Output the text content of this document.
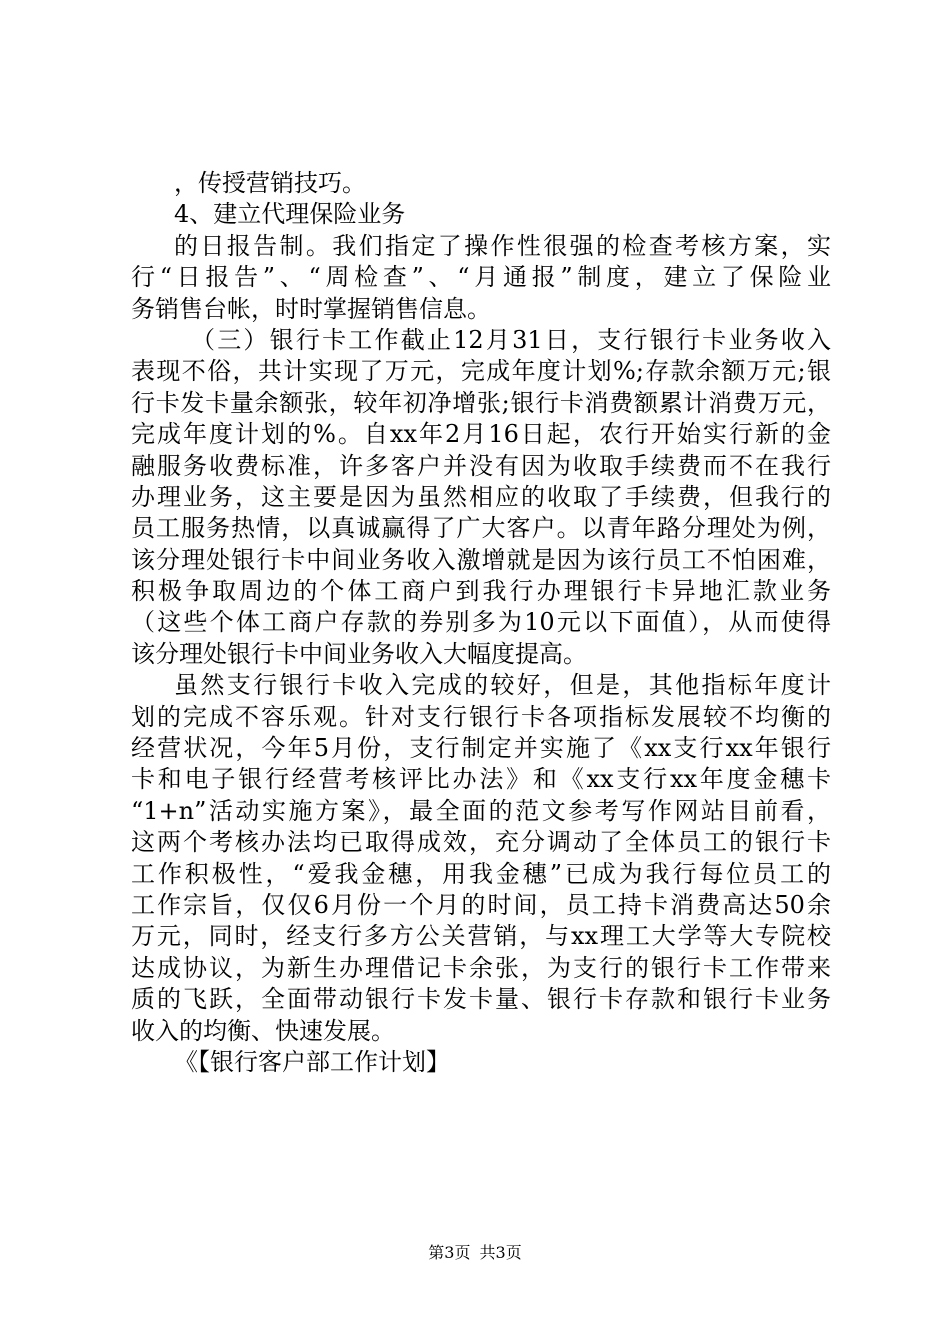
，传授营销技巧。
4、建立代理保险业务
的日报告制。我们指定了操作性很强的检查考核方案，实
行“日报告”、“周检查”、“月通报”制度，建立了保险业
务销售台帐，时时掌握销售信息。
（三）银行卡工作截止12月31日，支行银行卡业务收入
表现不俗，共计实现了万元，完成年度计划%;存款余额万元;银
行卡发卡量余额张，较年初净增张;银行卡消费额累计消费万元，
完成年度计划的%。自xx年2月16日起，农行开始实行新的金
融服务收费标准，许多客户并没有因为收取手续费而不在我行
办理业务，这主要是因为虽然相应的收取了手续费，但我行的
员工服务热情，以真诚赢得了广大客户。以青年路分理处为例，
该分理处银行卡中间业务收入激增就是因为该行员工不怕困难，
积极争取周边的个体工商户到我行办理银行卡异地汇款业务
（这些个体工商户存款的券别多为10元以下面值），从而使得
该分理处银行卡中间业务收入大幅度提高。
虽然支行银行卡收入完成的较好，但是，其他指标年度计
划的完成不容乐观。针对支行银行卡各项指标发展较不均衡的
经营状况，今年5月份，支行制定并实施了《xx支行xx年银行
卡和电子银行经营考核评比办法》和《xx支行xx年度金穗卡
“1+n”活动实施方案》，最全面的范文参考写作网站目前看，
这两个考核办法均已取得成效，充分调动了全体员工的银行卡
工作积极性，“爱我金穗，用我金穗”已成为我行每位员工的
工作宗旨，仅仅6月份一个月的时间，员工持卡消费高达50余
万元，同时，经支行多方公关营销，与xx理工大学等大专院校
达成协议，为新生办理借记卡余张，为支行的银行卡工作带来
质的飞跃，全面带动银行卡发卡量、银行卡存款和银行卡业务
收入的均衡、快速发展。
《【银行客户部工作计划】
第3页 共3页
